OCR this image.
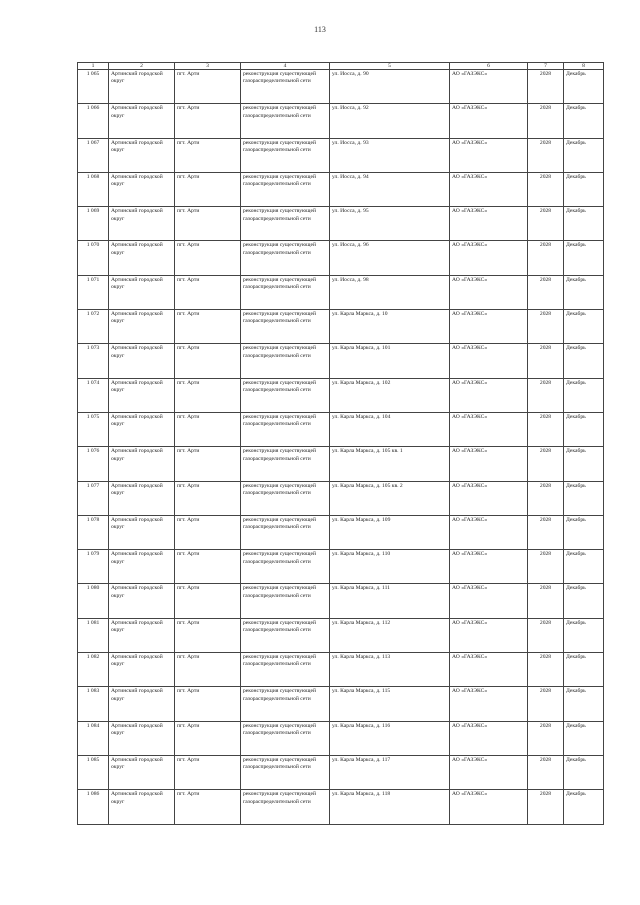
113
1	2	3	4	5	6	7	8
1 065	Артинский городской округ	пгт. Арти	реконструкция существующей газораспределительной сети	ул. Иосса, д. 90	АО «ГАЗЭКС»	2028	Декабрь
1 066	Артинский городской округ	пгт. Арти	реконструкция существующей газораспределительной сети	ул. Иосса, д. 92	АО «ГАЗЭКС»	2028	Декабрь
1 067	Артинский городской округ	пгт. Арти	реконструкция существующей газораспределительной сети	ул. Иосса, д. 93	АО «ГАЗЭКС»	2028	Декабрь
1 068	Артинский городской округ	пгт. Арти	реконструкция существующей газораспределительной сети	ул. Иосса, д. 94	АО «ГАЗЭКС»	2028	Декабрь
1 069	Артинский городской округ	пгт. Арти	реконструкция существующей газораспределительной сети	ул. Иосса, д. 95	АО «ГАЗЭКС»	2028	Декабрь
1 070	Артинский городской округ	пгт. Арти	реконструкция существующей газораспределительной сети	ул. Иосса, д. 96	АО «ГАЗЭКС»	2028	Декабрь
1 071	Артинский городской округ	пгт. Арти	реконструкция существующей газораспределительной сети	ул. Иосса, д. 98	АО «ГАЗЭКС»	2028	Декабрь
1 072	Артинский городской округ	пгт. Арти	реконструкция существующей газораспределительной сети	ул. Карла Маркса, д. 10	АО «ГАЗЭКС»	2028	Декабрь
1 073	Артинский городской округ	пгт. Арти	реконструкция существующей газораспределительной сети	ул. Карла Маркса, д. 101	АО «ГАЗЭКС»	2028	Декабрь
1 074	Артинский городской округ	пгт. Арти	реконструкция существующей газораспределительной сети	ул. Карла Маркса, д. 102	АО «ГАЗЭКС»	2028	Декабрь
1 075	Артинский городской округ	пгт. Арти	реконструкция существующей газораспределительной сети	ул. Карла Маркса, д. 104	АО «ГАЗЭКС»	2028	Декабрь
1 076	Артинский городской округ	пгт. Арти	реконструкция существующей газораспределительной сети	ул. Карла Маркса, д. 105 кв. 1	АО «ГАЗЭКС»	2028	Декабрь
1 077	Артинский городской округ	пгт. Арти	реконструкция существующей газораспределительной сети	ул. Карла Маркса, д. 105 кв. 2	АО «ГАЗЭКС»	2028	Декабрь
1 078	Артинский городской округ	пгт. Арти	реконструкция существующей газораспределительной сети	ул. Карла Маркса, д. 109	АО «ГАЗЭКС»	2028	Декабрь
1 079	Артинский городской округ	пгт. Арти	реконструкция существующей газораспределительной сети	ул. Карла Маркса, д. 110	АО «ГАЗЭКС»	2028	Декабрь
1 080	Артинский городской округ	пгт. Арти	реконструкция существующей газораспределительной сети	ул. Карла Маркса, д. 111	АО «ГАЗЭКС»	2028	Декабрь
1 081	Артинский городской округ	пгт. Арти	реконструкция существующей газораспределительной сети	ул. Карла Маркса, д. 112	АО «ГАЗЭКС»	2028	Декабрь
1 082	Артинский городской округ	пгт. Арти	реконструкция существующей газораспределительной сети	ул. Карла Маркса, д. 113	АО «ГАЗЭКС»	2028	Декабрь
1 083	Артинский городской округ	пгт. Арти	реконструкция существующей газораспределительной сети	ул. Карла Маркса, д. 115	АО «ГАЗЭКС»	2028	Декабрь
1 084	Артинский городской округ	пгт. Арти	реконструкция существующей газораспределительной сети	ул. Карла Маркса, д. 116	АО «ГАЗЭКС»	2028	Декабрь
1 085	Артинский городской округ	пгт. Арти	реконструкция существующей газораспределительной сети	ул. Карла Маркса, д. 117	АО «ГАЗЭКС»	2028	Декабрь
1 086	Артинский городской округ	пгт. Арти	реконструкция существующей газораспределительной сети	ул. Карла Маркса, д. 118	АО «ГАЗЭКС»	2028	Декабрь
